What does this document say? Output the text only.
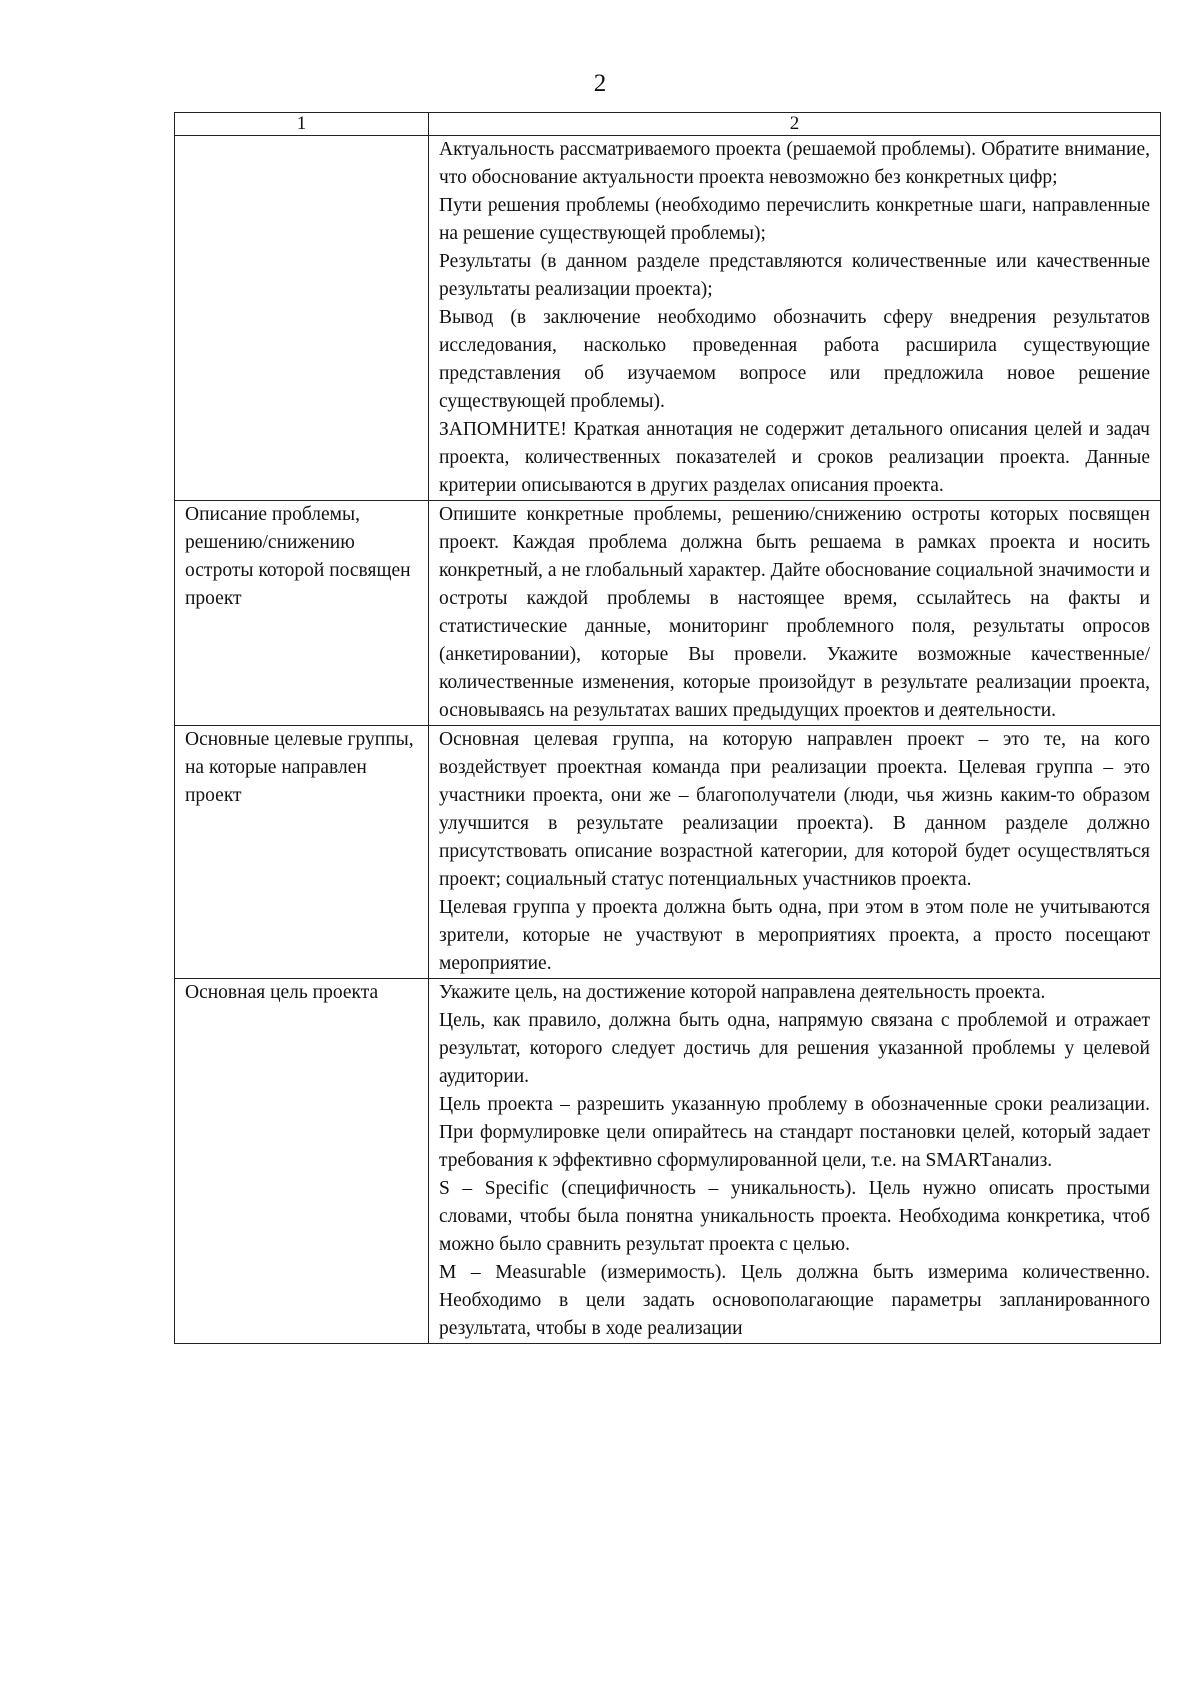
2
1	2

	Актуальность рассматриваемого проекта (решаемой проблемы). Обратите внимание, что обоснование актуальности проекта невозможно без конкретных цифр;

Пути решения проблемы (необходимо перечислить конкретные шаги, направленные на решение существующей проблемы);

Результаты (в данном разделе представляются количественные или качественные результаты реализации проекта);

Вывод (в заключение необходимо обозначить сферу внедрения результатов исследования, насколько проведенная работа расширила существующие представления об изучаемом вопросе или предложила новое решение существующей проблемы).

ЗАПОМНИТЕ! Краткая аннотация не содержит детального описания целей и задач проекта, количественных показателей и сроков реализации проекта. Данные критерии описываются в других разделах описания проекта.

Описание проблемы, решению/снижению остроты которой посвящен проект	Опишите конкретные проблемы, решению/снижению остроты которых посвящен проект. Каждая проблема должна быть решаема в рамках проекта и носить конкретный, а не глобальный характер. Дайте обоснование социальной значимости и остроты каждой проблемы в настоящее время, ссылайтесь на факты и статистические данные, мониторинг проблемного поля, результаты опросов (анкетировании), которые Вы провели. Укажите возможные качественные/количественные изменения, которые произойдут в результате реализации проекта, основываясь на результатах ваших предыдущих проектов и деятельности.

Основные целевые группы, на которые направлен проект	Основная целевая группа, на которую направлен проект – это те, на кого воздействует проектная команда при реализации проекта. Целевая группа – это участники проекта, они же – благополучатели (люди, чья жизнь каким-то образом улучшится в результате реализации проекта). В данном разделе должно присутствовать описание возрастной категории, для которой будет осуществляться проект; социальный статус потенциальных участников проекта.

Целевая группа у проекта должна быть одна, при этом в этом поле не учитываются зрители, которые не участвуют в мероприятиях проекта, а просто посещают мероприятие.

Основная цель проекта	Укажите цель, на достижение которой направлена деятельность проекта.

Цель, как правило, должна быть одна, напрямую связана с проблемой и отражает результат, которого следует достичь для решения указанной проблемы у целевой аудитории.

Цель проекта – разрешить указанную проблему в обозначенные сроки реализации. При формулировке цели опирайтесь на стандарт постановки целей, который задает требования к эффективно сформулированной цели, т.е. на SMARTанализ.

S – Specific (специфичность – уникальность). Цель нужно описать простыми словами, чтобы была понятна уникальность проекта. Необходима конкретика, чтоб можно было сравнить результат проекта с целью.

M – Measurable (измеримость). Цель должна быть измерима количественно. Необходимо в цели задать основополагающие параметры запланированного результата, чтобы в ходе реализации
